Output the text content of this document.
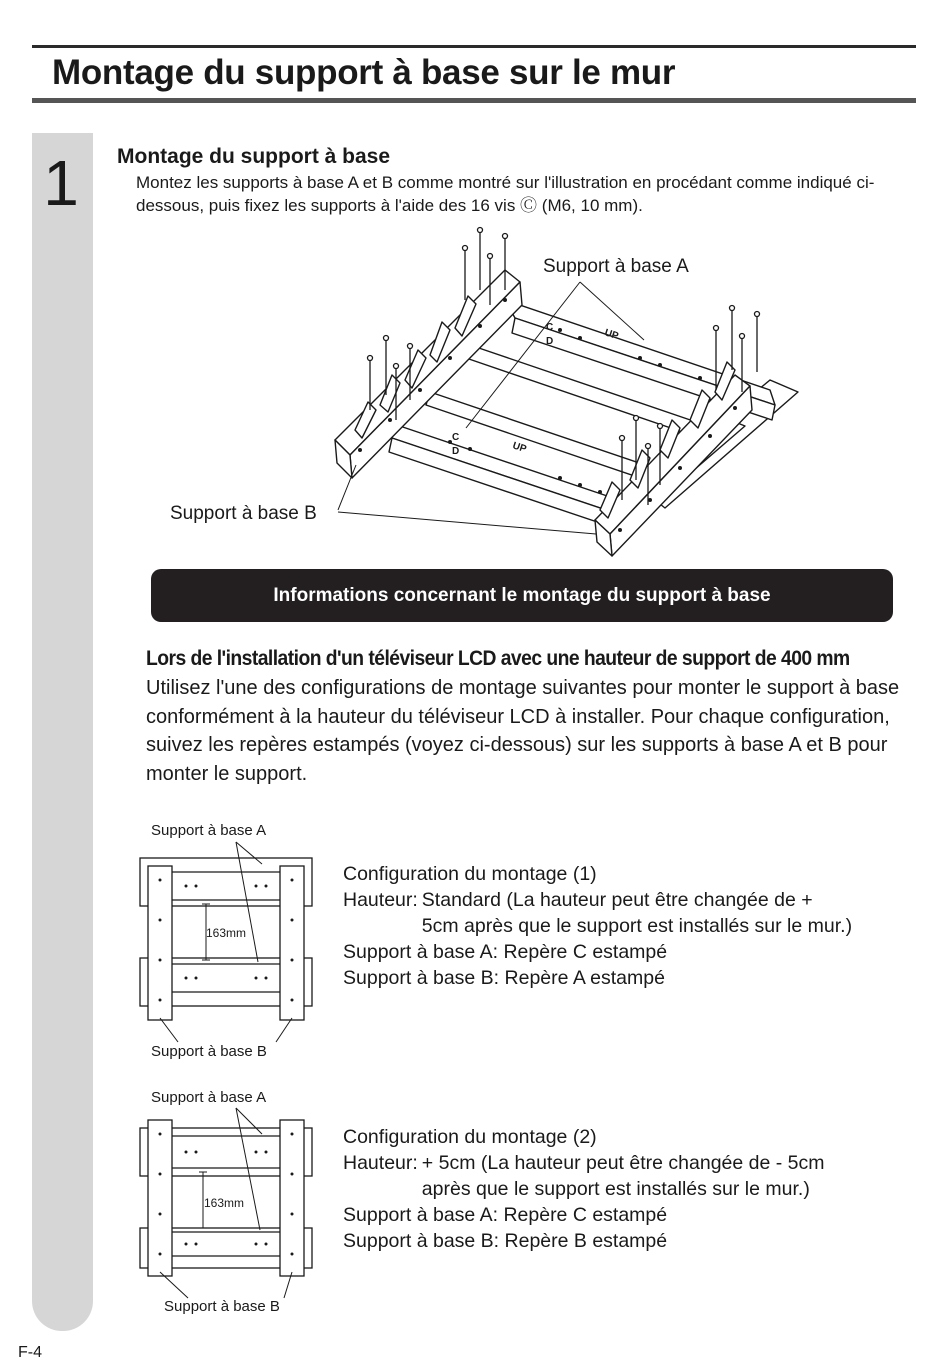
Montage du support à base sur le mur
1	Montage du support à base

Montez les supports à base A et B comme montré sur l'illustration en procédant comme indiqué ci-dessous, puis fixez les supports à l'aide des 16 vis Ⓒ (M6, 10 mm).

UP
UP
C
D
C
D
Support à base A
Support à base B
Informations concernant le montage du support à base

Lors de l'installation d'un téléviseur LCD avec une hauteur de support de 400 mm

Utilisez l'une des configurations de montage suivantes pour monter le support à base conformément à la hauteur du téléviseur LCD à installer. Pour chaque configuration, suivez les repères estampés (voyez ci-dessous) sur les supports à base A et B pour monter le support.

Support à base A
163mm
Support à base B
Configuration du montage (1)
Hauteur: Standard (La hauteur peut être changée de + 5cm après que le support est installés sur le mur.)
Support à base A: Repère C estampé
Support à base B: Repère A estampé
Support à base A
163mm
Support à base B
Configuration du montage (2)
Hauteur: + 5cm (La hauteur peut être changée de - 5cm après que le support est installés sur le mur.)
Support à base A: Repère C estampé
Support à base B: Repère B estampé
F-4
